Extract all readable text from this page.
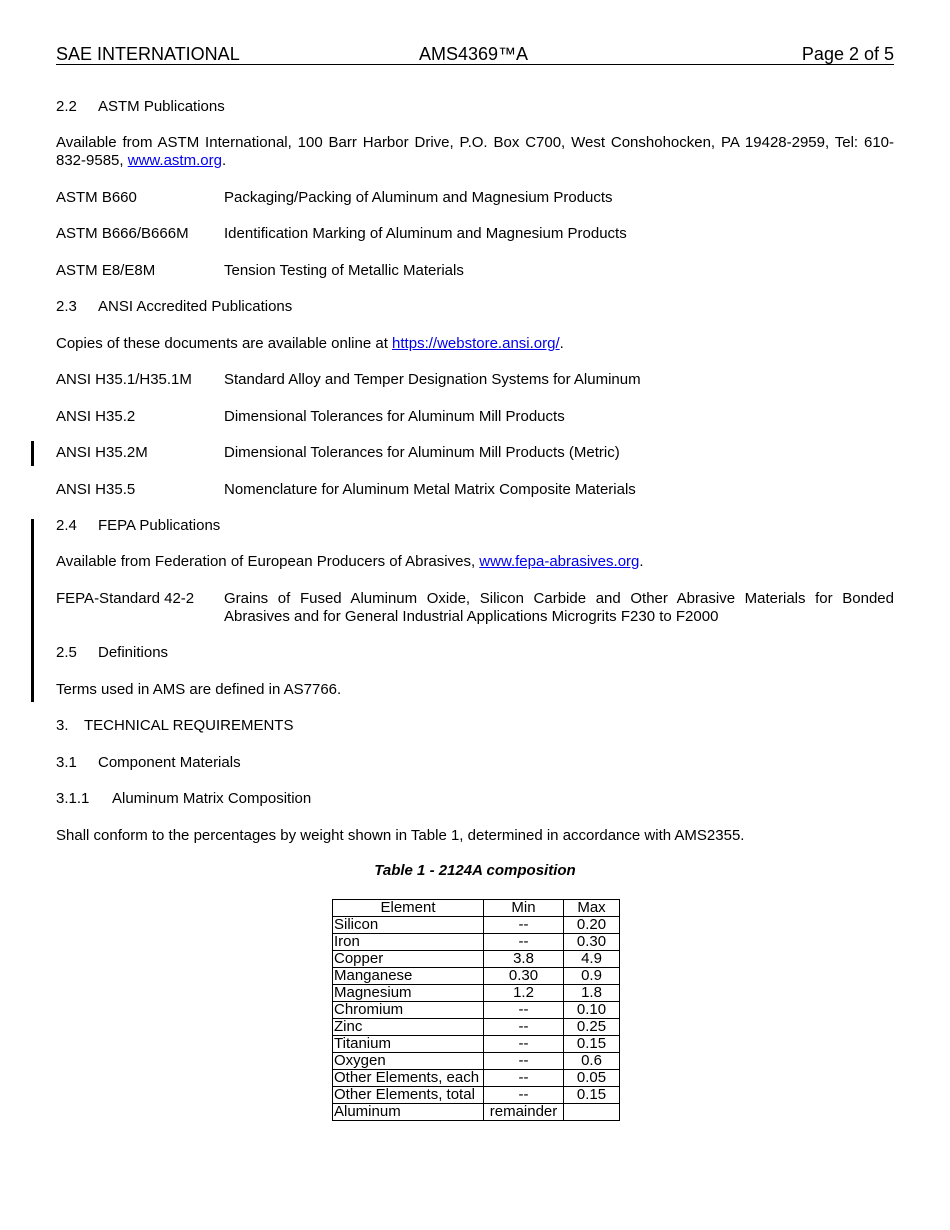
SAE INTERNATIONAL	AMS4369™A	Page 2 of 5
2.2 ASTM Publications
Available from ASTM International, 100 Barr Harbor Drive, P.O. Box C700, West Conshohocken, PA 19428-2959, Tel: 610-832-9585, www.astm.org.
ASTM B660	Packaging/Packing of Aluminum and Magnesium Products
ASTM B666/B666M Identification Marking of Aluminum and Magnesium Products
ASTM E8/E8M	Tension Testing of Metallic Materials
2.3 ANSI Accredited Publications
Copies of these documents are available online at https://webstore.ansi.org/.
ANSI H35.1/H35.1M Standard Alloy and Temper Designation Systems for Aluminum
ANSI H35.2	Dimensional Tolerances for Aluminum Mill Products
ANSI H35.2M	Dimensional Tolerances for Aluminum Mill Products (Metric)
ANSI H35.5	Nomenclature for Aluminum Metal Matrix Composite Materials
2.4 FEPA Publications
Available from Federation of European Producers of Abrasives, www.fepa-abrasives.org.
FEPA-Standard 42-2 Grains of Fused Aluminum Oxide, Silicon Carbide and Other Abrasive Materials for Bonded Abrasives and for General Industrial Applications Microgrits F230 to F2000
2.5 Definitions
Terms used in AMS are defined in AS7766.
3. TECHNICAL REQUIREMENTS
3.1 Component Materials
3.1.1 Aluminum Matrix Composition
Shall conform to the percentages by weight shown in Table 1, determined in accordance with AMS2355.
Table 1 - 2124A composition
Element	Min	Max
Silicon	--	0.20
Iron	--	0.30
Copper	3.8	4.9
Manganese	0.30	0.9
Magnesium	1.2	1.8
Chromium	--	0.10
Zinc	--	0.25
Titanium	--	0.15
Oxygen	--	0.6
Other Elements, each	--	0.05
Other Elements, total	--	0.15
Aluminum	remainder	
